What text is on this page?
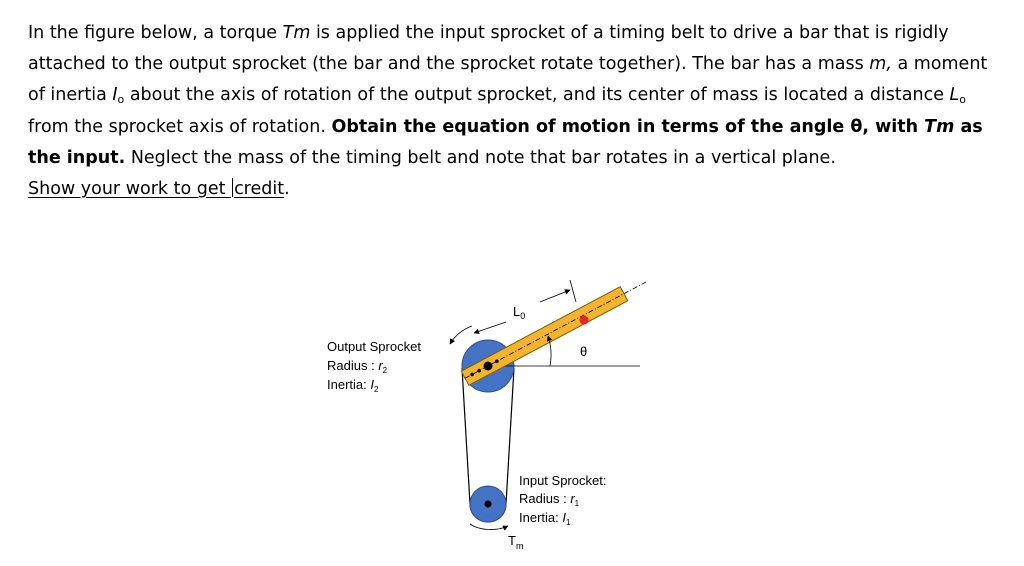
In the figure below, a torque Tm is applied the input sprocket of a timing belt to drive a bar that is rigidly attached to the output sprocket (the bar and the sprocket rotate together). The bar has a mass m, a moment of inertia $I_o$ about the axis of rotation of the output sprocket, and its center of mass is located a distance $L_o$ from the sprocket axis of rotation. Obtain the equation of motion in terms of the angle θ, with Tm as the input. Neglect the mass of the timing belt and note that bar rotates in a vertical plane.
Show your work to get credit.

$L_0$
θ
$T_m$
Output Sprocket
Radius : $r_2$
Inertia: $I_2$
Input Sprocket:
Radius : $r_1$
Inertia: $I_1$
